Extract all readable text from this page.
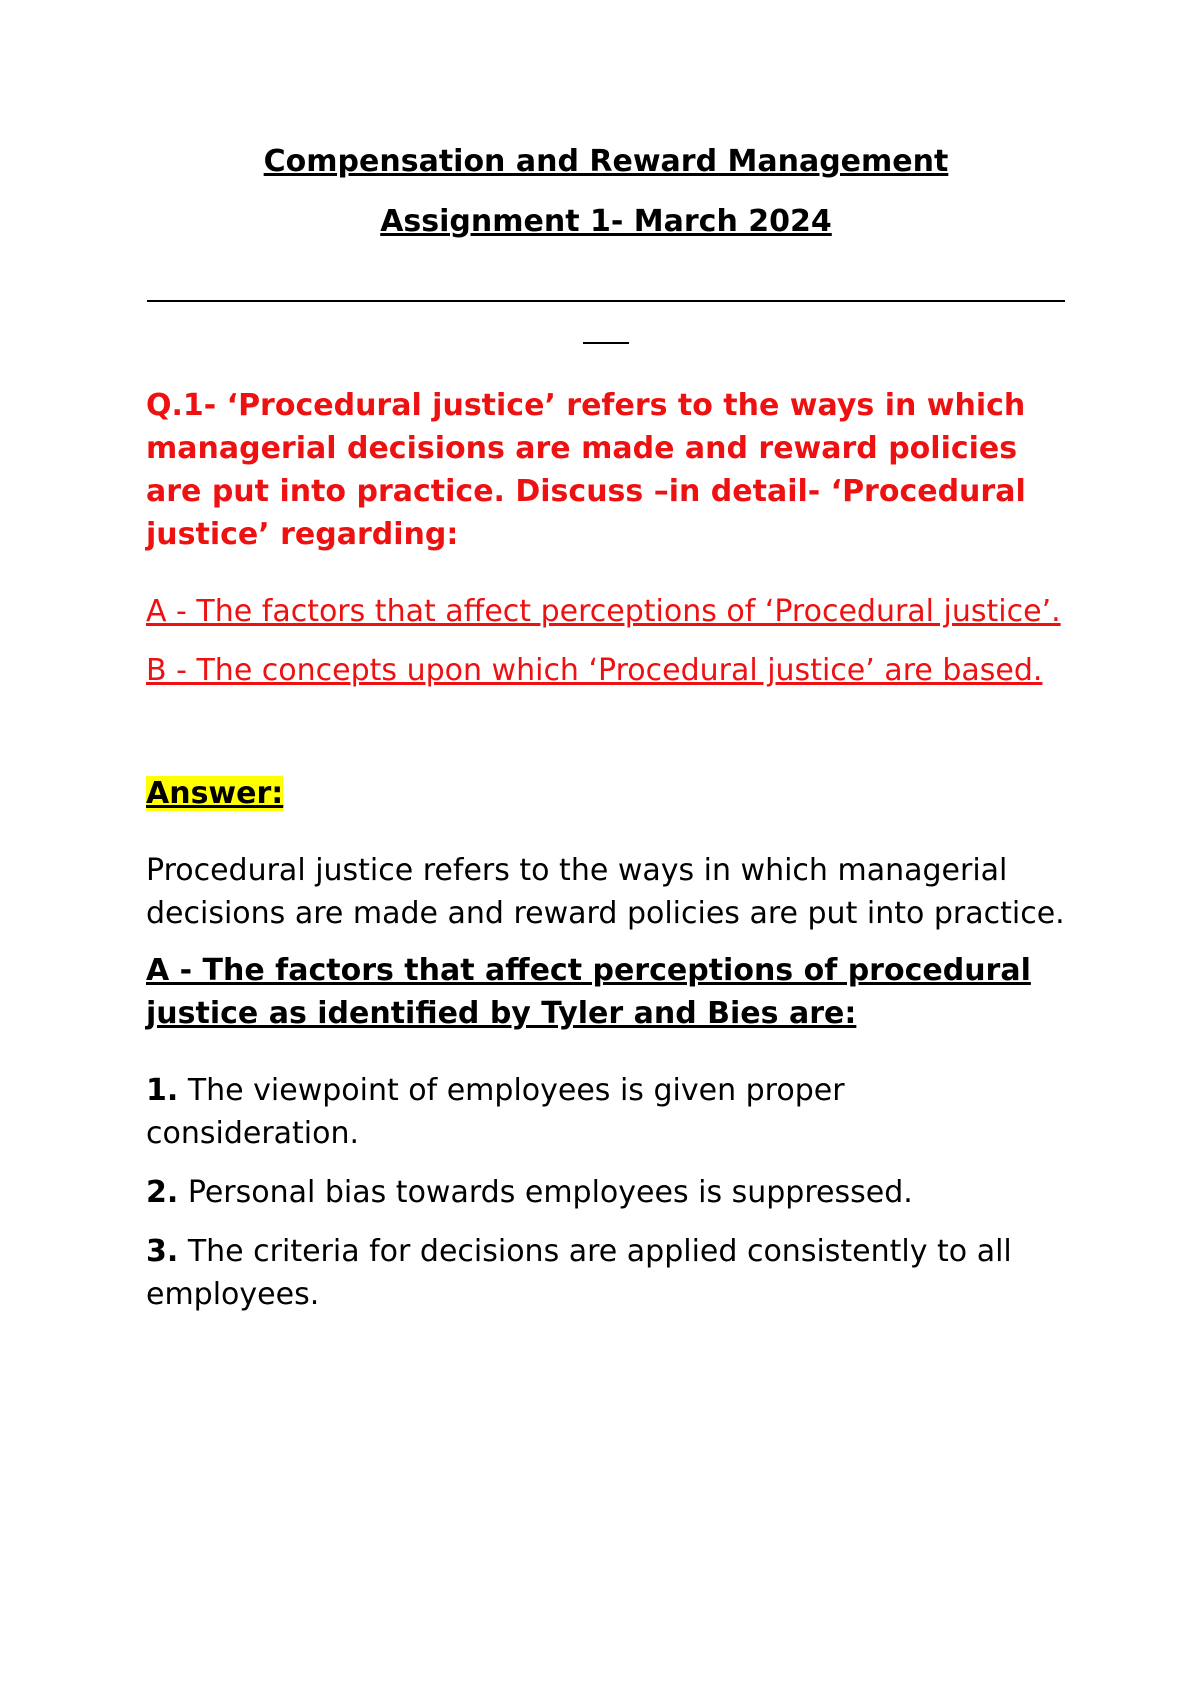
Compensation and Reward Management
Assignment 1- March 2024
Q.1- ‘Procedural justice’ refers to the ways in which managerial decisions are made and reward policies are put into practice. Discuss –in detail- ‘Procedural justice’ regarding:
A - The factors that affect perceptions of ‘Procedural justice’.
B - The concepts upon which ‘Procedural justice’ are based.
Answer:
Procedural justice refers to the ways in which managerial decisions are made and reward policies are put into practice.
A - The factors that affect perceptions of procedural justice as identified by Tyler and Bies are:
1. The viewpoint of employees is given proper consideration.
2. Personal bias towards employees is suppressed.
3. The criteria for decisions are applied consistently to all employees.
